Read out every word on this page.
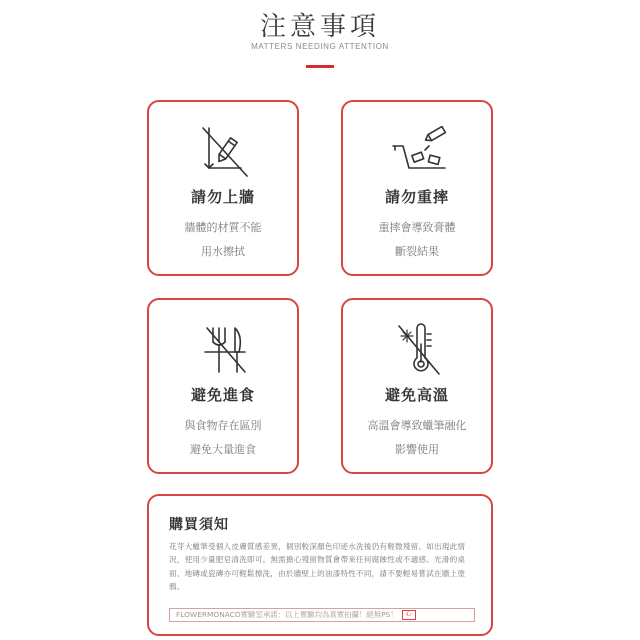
注意事項
MATTERS NEEDING ATTENTION
請勿上牆
牆體的材質不能
用水擦拭
請勿重摔
重摔會導致膏體
斷裂結果
避免進食
與食物存在區別
避免大量進食
避免高溫
高溫會導致蠟筆融化
影響使用
購買須知
花芽大蠟筆受個人皮膚質感差異，個別較深顏色印迹水洗後仍有輕微殘留。如出現此情況，使用少量肥皂清洗即可。無需擔心殘留物質會帶來任何腐蝕性或不適感。光滑的桌面、地磚或瓷磚亦可輕鬆擦洗，由於牆壁上的油漆特性不同，請不要輕易嘗試在牆上塗鴉。
FLOWERMONACO實驗室承諾：以上實驗均為真實拍攝！絕無PS！ 心
